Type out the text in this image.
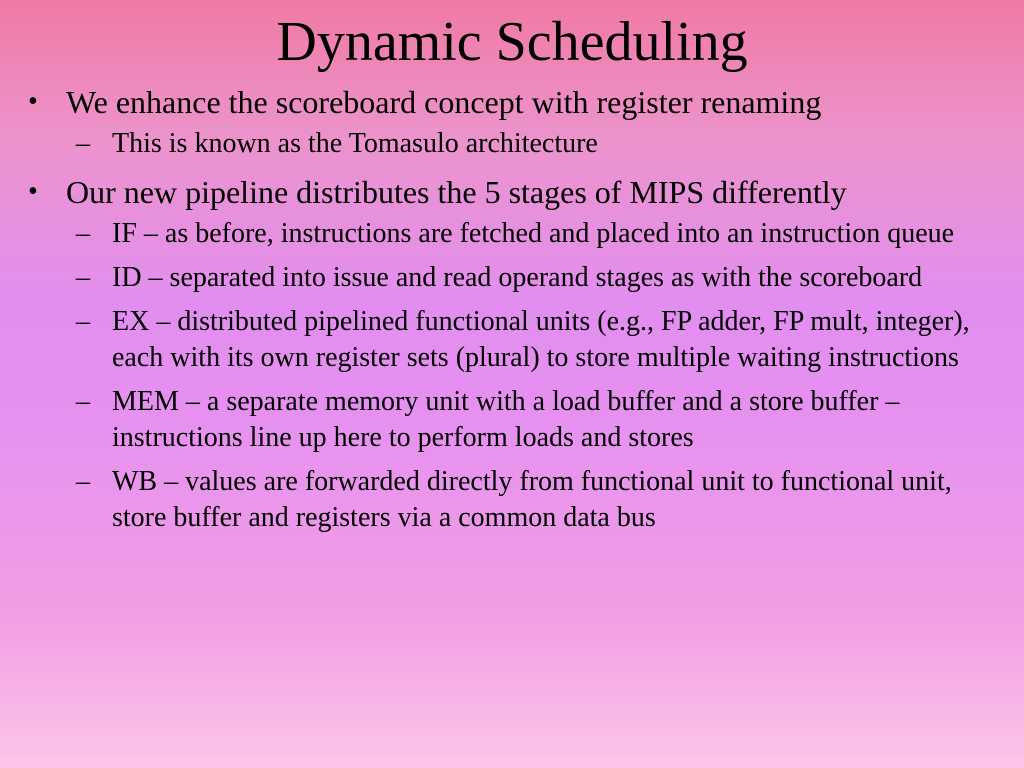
Dynamic Scheduling
• We enhance the scoreboard concept with register renaming
– This is known as the Tomasulo architecture
• Our new pipeline distributes the 5 stages of MIPS differently
– IF – as before, instructions are fetched and placed into an instruction queue
– ID – separated into issue and read operand stages as with the scoreboard
– EX – distributed pipelined functional units (e.g., FP adder, FP mult, integer), each with its own register sets (plural) to store multiple waiting instructions
– MEM – a separate memory unit with a load buffer and a store buffer – instructions line up here to perform loads and stores
– WB – values are forwarded directly from functional unit to functional unit, store buffer and registers via a common data bus
